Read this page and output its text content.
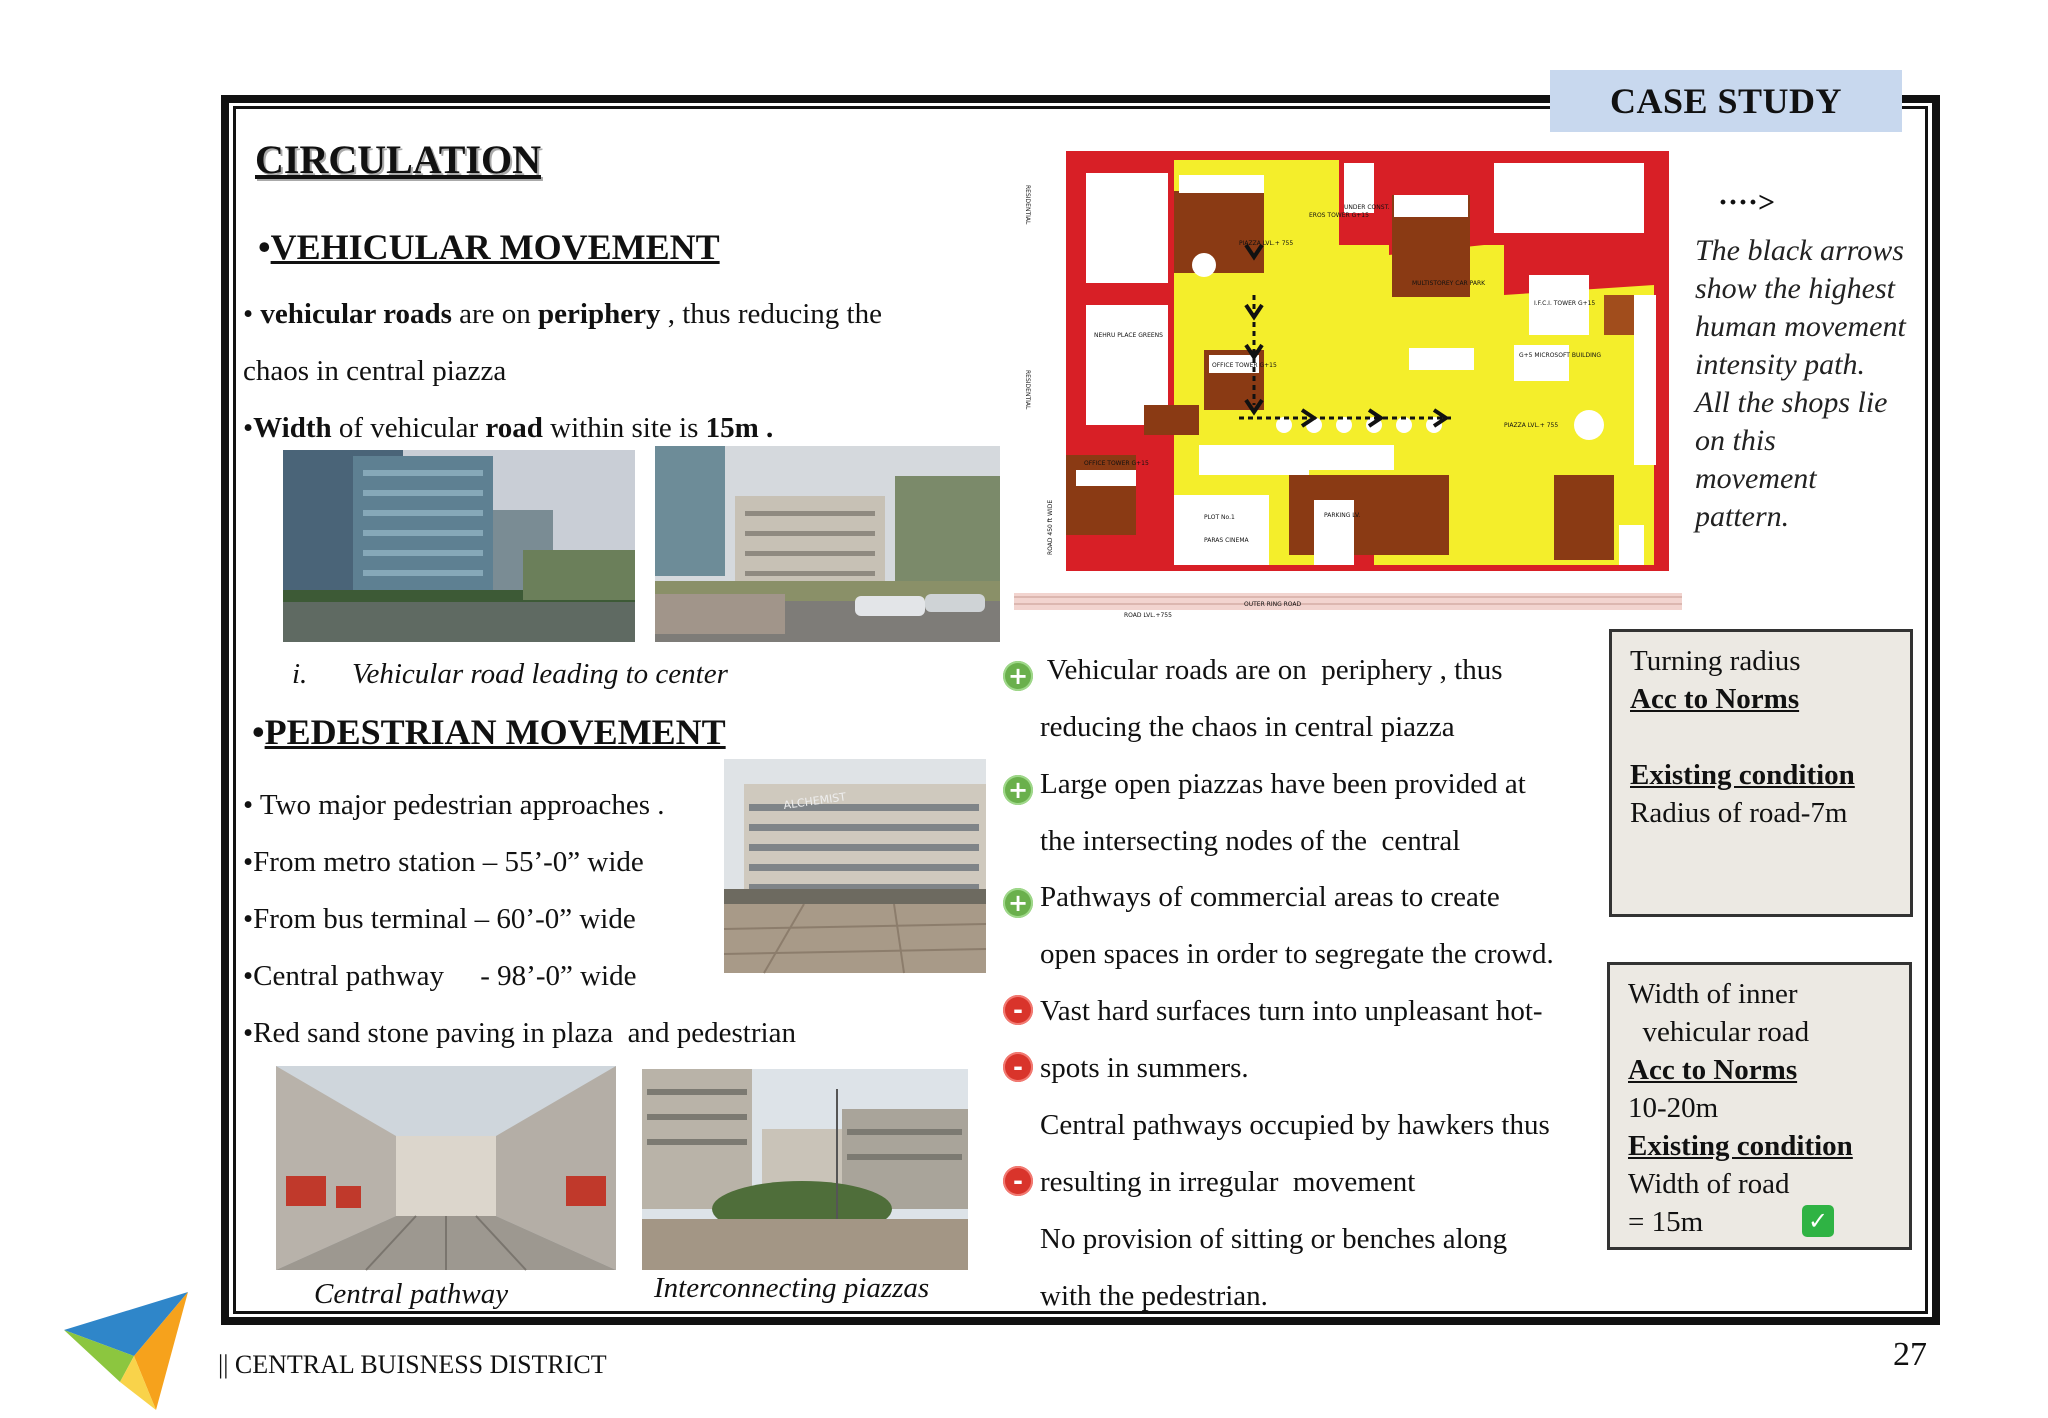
CASE STUDY
CIRCULATION
•VEHICULAR MOVEMENT
• vehicular roads are on periphery , thus reducing the
chaos in central piazza
•Width of vehicular road within site is 15m .
i. Vehicular road leading to center
•PEDESTRIAN MOVEMENT
• Two major pedestrian approaches .
•From metro station – 55’-0” wide
•From bus terminal – 60’-0” wide
•Central pathway     - 98’-0” wide
•Red sand stone paving in plaza  and pedestrian
ALCHEMIST
Central pathway	Interconnecting piazzas
RESIDENTIAL
RESIDENTIAL
ROAD 450 ft WIDE
OUTER RING ROAD
ROAD LVL.+755
EROS TOWER G+15
NEHRU PLACE GREENS
OFFICE TOWER G+15
OFFICE TOWER G+15
G+5 MICROSOFT BUILDING
I.F.C.I. TOWER G+15
PARAS CINEMA
PLOT No.1
MULTISTOREY CAR PARK
PARKING LV.
PIAZZA LVL.+ 755
PIAZZA LVL.+ 755
UNDER CONST.	····>
The black arrows
show the highest
human movement
intensity path.
All the shops lie
on this
movement
pattern.
+ Vehicular roads are on  periphery , thus
reducing the chaos in central piazza
+ Large open piazzas have been provided at
the intersecting nodes of the  central
+ Pathways of commercial areas to create
open spaces in order to segregate the crowd.
- Vast hard surfaces turn into unpleasant hot-
- spots in summers.
Central pathways occupied by hawkers thus
- resulting in irregular  movement
No provision of sitting or benches along
with the pedestrian.
Turning radius
Acc to Norms
Existing condition
Radius of road-7m
Width of inner
vehicular road
Acc to Norms
10-20m
Existing condition
Width of road
= 15m	✓
|| CENTRAL BUISNESS DISTRICT	27
